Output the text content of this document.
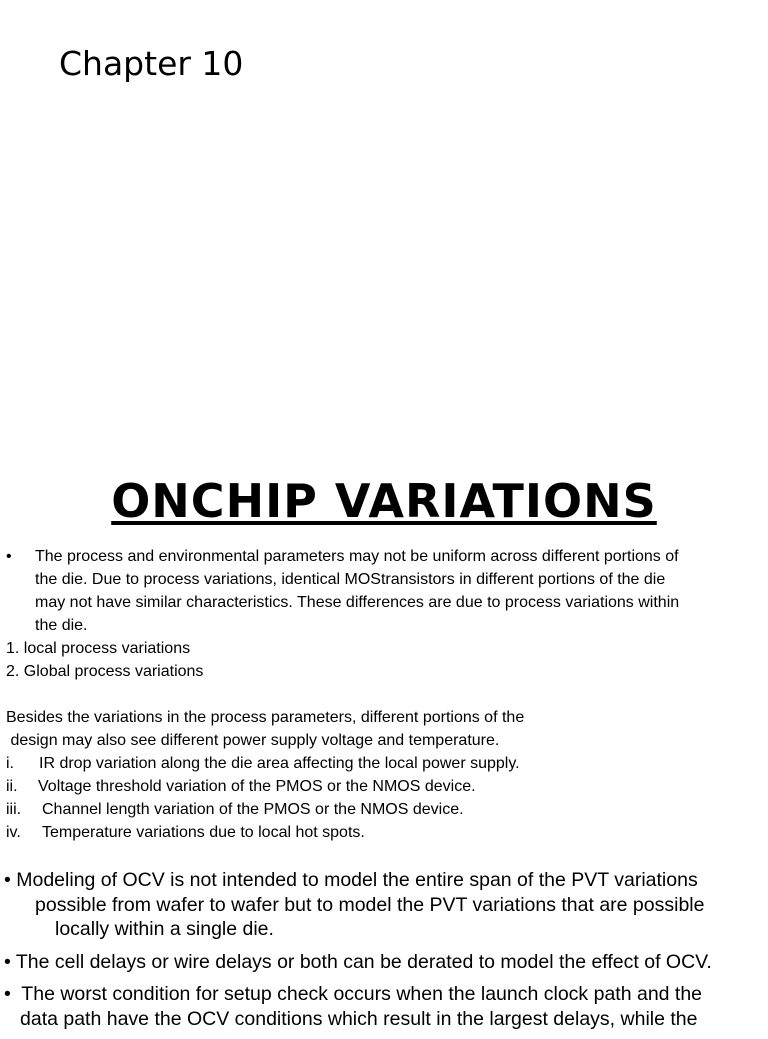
Chapter 10
ONCHIP VARIATIONS
• The process and environmental parameters may not be uniform across different portions of
the die. Due to process variations, identical MOStransistors in different portions of the die
may not have similar characteristics. These differences are due to process variations within
the die.

1. local process variations

2. Global process variations

Besides the variations in the process parameters, different portions of the

design may also see different power supply voltage and temperature.

i. IR drop variation along the die area affecting the local power supply.

ii. Voltage threshold variation of the PMOS or the NMOS device.

iii. Channel length variation of the PMOS or the NMOS device.

iv. Temperature variations due to local hot spots.

• Modeling of OCV is not intended to model the entire span of the PVT variations
possible from wafer to wafer but to model the PVT variations that are possible
locally within a single die.

• The cell delays or wire delays or both can be derated to model the effect of OCV.

•  The worst condition for setup check occurs when the launch clock path and the
data path have the OCV conditions which result in the largest delays, while the
